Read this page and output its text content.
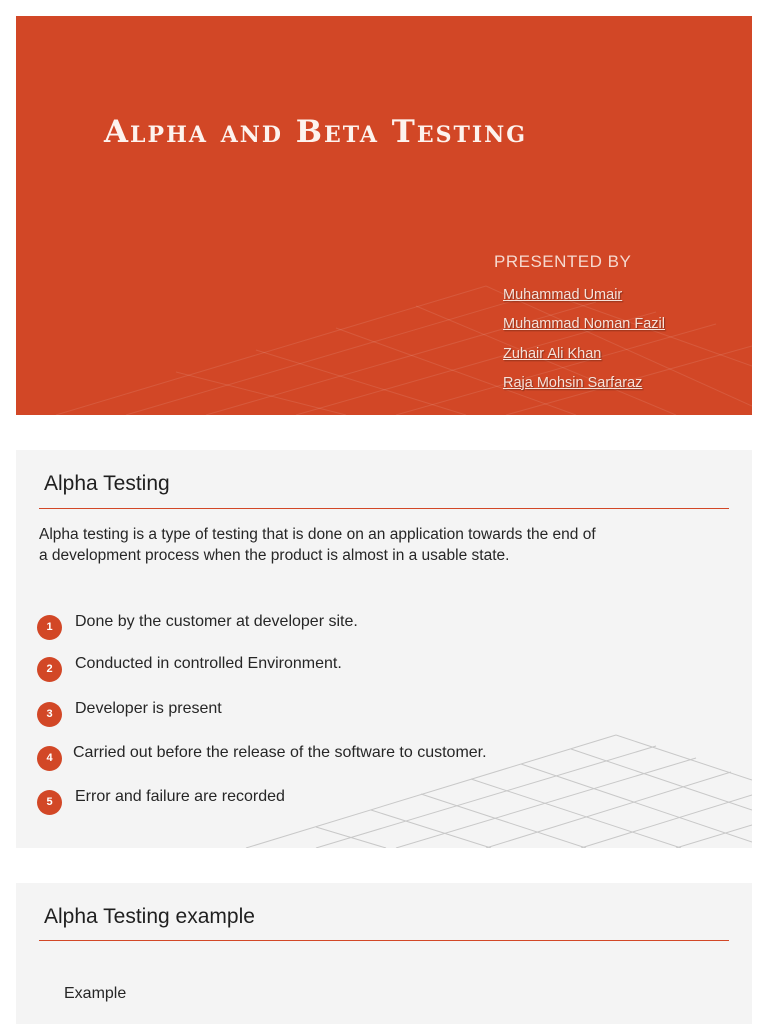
Alpha and Beta Testing

PRESENTED BY

Muhammad Umair
Muhammad Noman Fazil
Zuhair Ali Khan
Raja Mohsin Sarfaraz
Alpha Testing

Alpha testing is a type of testing that is done on an application towards the end of a development process when the product is almost in a usable state.

1	Done by the customer at developer site.
2	Conducted in controlled Environment.
3	Developer is present
4	Carried out before the release of the software to customer.
5	Error and failure are recorded
Alpha Testing example

Example
